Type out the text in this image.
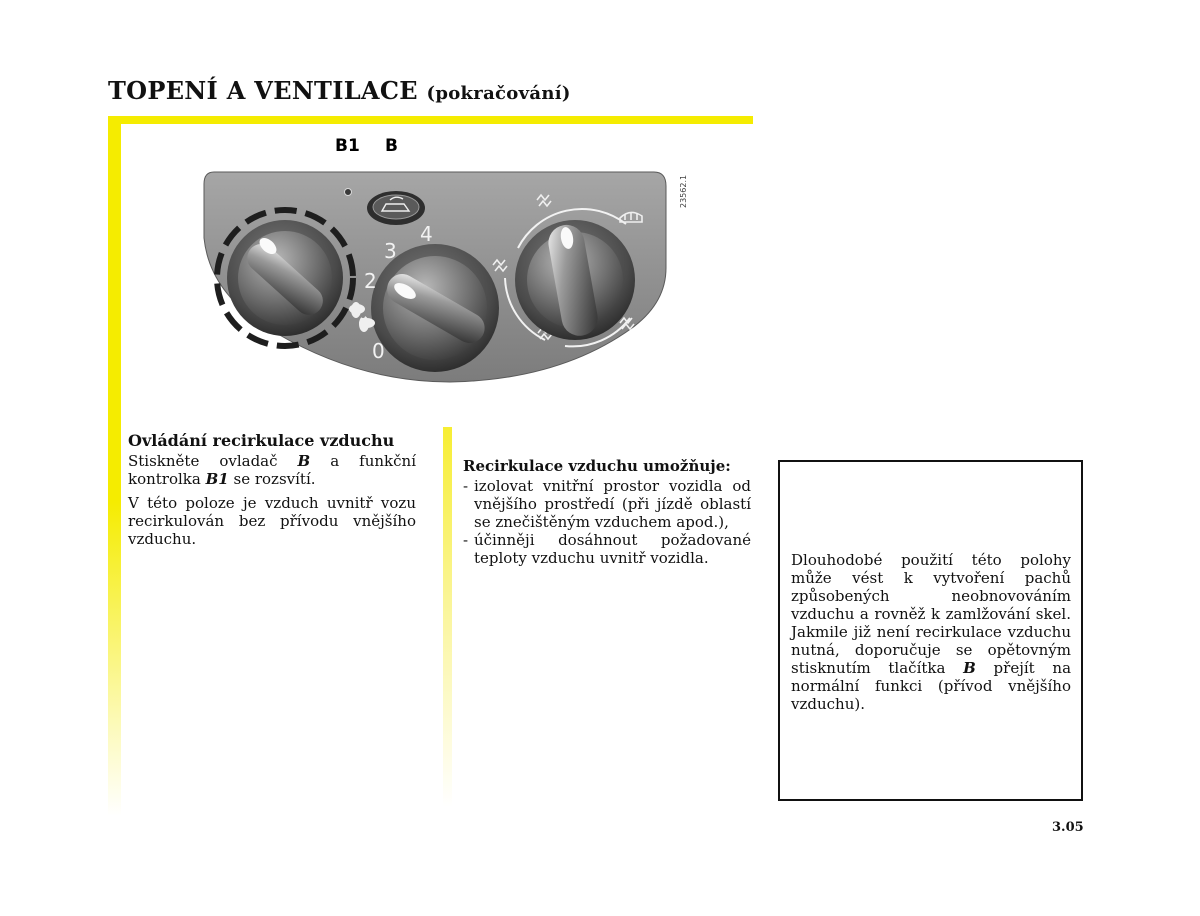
TOPENÍ A VENTILACE (pokračování)
B1 B
0
2
3
4
23562.1

Ovládání recirkulace vzduchu

Stiskněte ovladač B a funkční kontrolka B1 se rozsvítí.

V této poloze je vzduch uvnitř vozu recirkulován bez přívodu vnějšího vzduchu.

Recirkulace vzduchu umožňuje:

- izolovat vnitřní prostor vozidla od vnějšího prostředí (při jízdě oblastí se znečištěným vzduchem apod.),
- účinněji dosáhnout požadované teploty vzduchu uvnitř vozidla.	Dlouhodobé použití této polohy může vést k vytvoření pachů způsobených neobnovováním vzduchu a rovněž k zamlžování skel. Jakmile již není recirkulace vzduchu nutná, doporučuje se opětovným stisknutím tlačítka B přejít na normální funkci (přívod vnějšího vzduchu).
3.05
